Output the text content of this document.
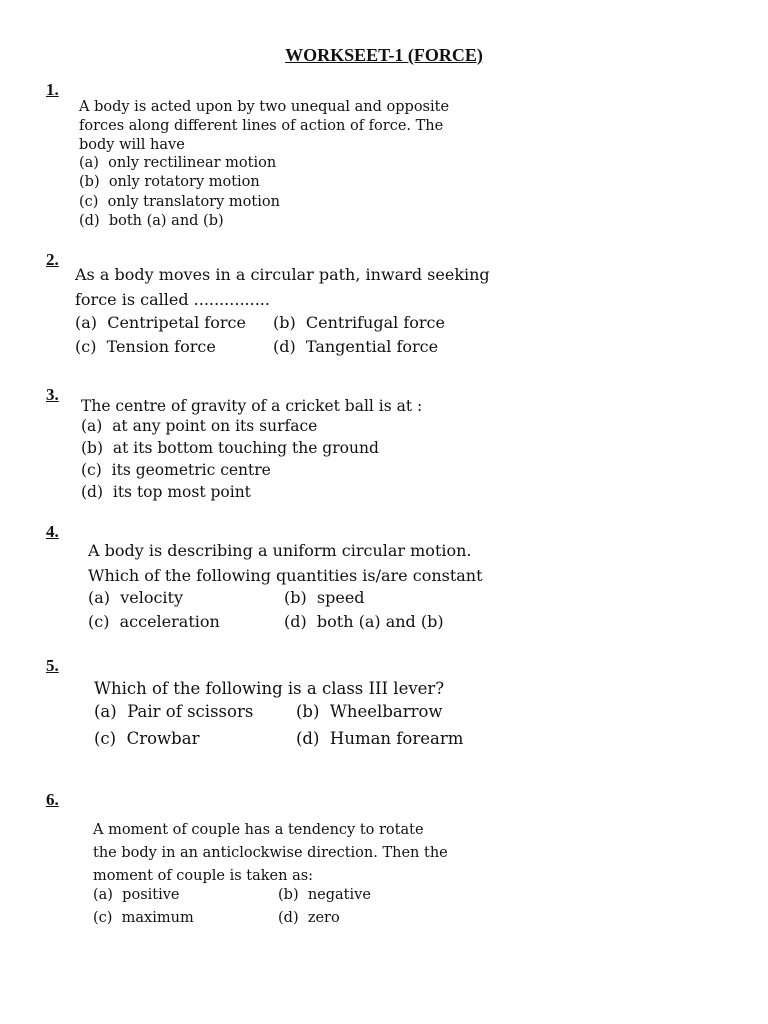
WORKSEET-1 (FORCE)
1.
A body is acted upon by two unequal and opposite
forces along different lines of action of force. The
body will have
(a)  only rectilinear motion
(b)  only rotatory motion
(c)  only translatory motion
(d)  both (a) and (b)
2.
As a body moves in a circular path, inward seeking
force is called ...............
(a)  Centripetal force (b)  Centrifugal force
(c)  Tension force	(d)  Tangential force
3.
The centre of gravity of a cricket ball is at :
(a)  at any point on its surface
(b)  at its bottom touching the ground
(c)  its geometric centre
(d)  its top most point
4.
A body is describing a uniform circular motion.
Which of the following quantities is/are constant
(a)  velocity	(b)  speed
(c)  acceleration	(d)  both (a) and (b)
5.
Which of the following is a class III lever?
(a)  Pair of scissors	(b)  Wheelbarrow
(c)  Crowbar	(d)  Human forearm
6.
A moment of couple has a tendency to rotate
the body in an anticlockwise direction. Then the
moment of couple is taken as:
(a)  positive	(b)  negative
(c)  maximum	(d)  zero
